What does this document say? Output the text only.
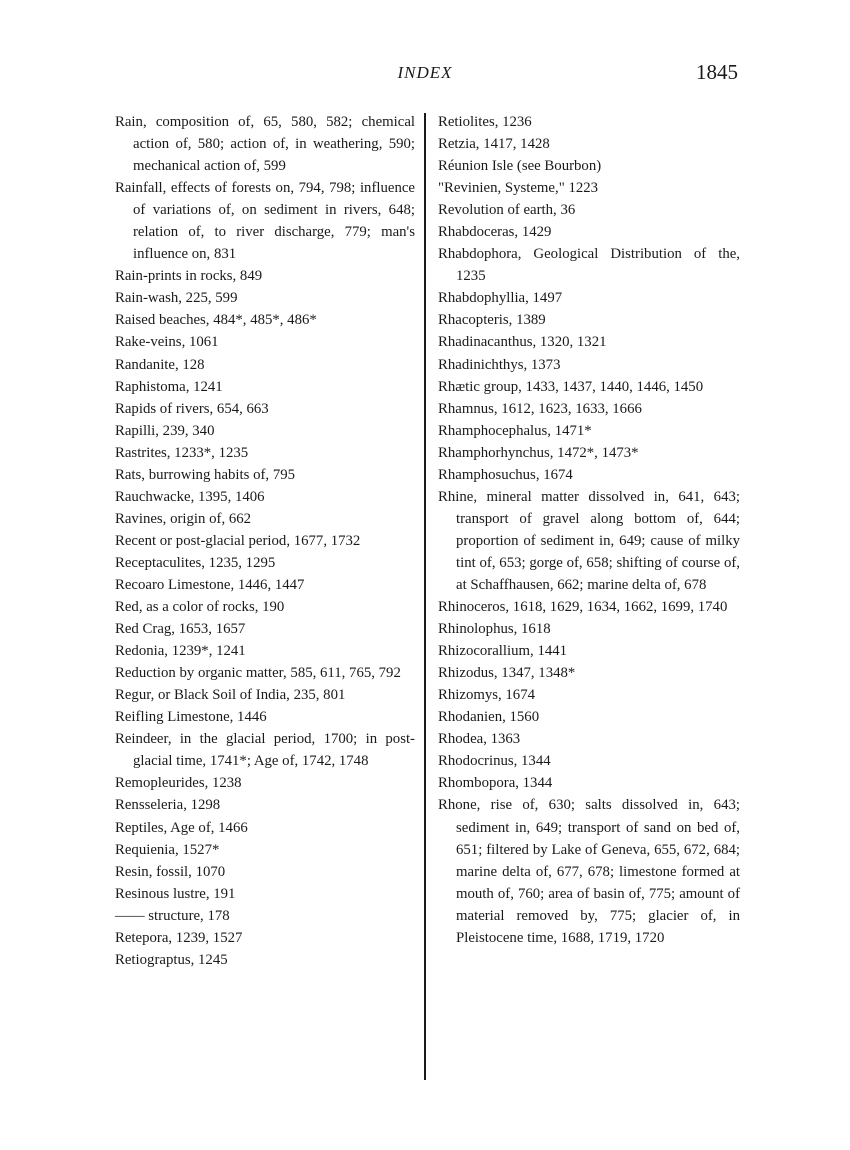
INDEX	1845
Rain, composition of, 65, 580, 582; chemical action of, 580; action of, in weathering, 590; mechanical action of, 599
Rainfall, effects of forests on, 794, 798; influence of variations of, on sediment in rivers, 648; relation of, to river discharge, 779; man's influence on, 831
Rain-prints in rocks, 849
Rain-wash, 225, 599
Raised beaches, 484*, 485*, 486*
Rake-veins, 1061
Randanite, 128
Raphistoma, 1241
Rapids of rivers, 654, 663
Rapilli, 239, 340
Rastrites, 1233*, 1235
Rats, burrowing habits of, 795
Rauchwacke, 1395, 1406
Ravines, origin of, 662
Recent or post-glacial period, 1677, 1732
Receptaculites, 1235, 1295
Recoaro Limestone, 1446, 1447
Red, as a color of rocks, 190
Red Crag, 1653, 1657
Redonia, 1239*, 1241
Reduction by organic matter, 585, 611, 765, 792
Regur, or Black Soil of India, 235, 801
Reifling Limestone, 1446
Reindeer, in the glacial period, 1700; in post-glacial time, 1741*; Age of, 1742, 1748
Remopleurides, 1238
Rensseleria, 1298
Reptiles, Age of, 1466
Requienia, 1527*
Resin, fossil, 1070
Resinous lustre, 191
—— structure, 178
Retepora, 1239, 1527
Retiograptus, 1245
Retiolites, 1236
Retzia, 1417, 1428
Réunion Isle (see Bourbon)
"Revinien, Systeme," 1223
Revolution of earth, 36
Rhabdoceras, 1429
Rhabdophora, Geological Distribution of the, 1235
Rhabdophyllia, 1497
Rhacopteris, 1389
Rhadinacanthus, 1320, 1321
Rhadinichthys, 1373
Rhætic group, 1433, 1437, 1440, 1446, 1450
Rhamnus, 1612, 1623, 1633, 1666
Rhamphocephalus, 1471*
Rhamphorhynchus, 1472*, 1473*
Rhamphosuchus, 1674
Rhine, mineral matter dissolved in, 641, 643; transport of gravel along bottom of, 644; proportion of sediment in, 649; cause of milky tint of, 653; gorge of, 658; shifting of course of, at Schaffhausen, 662; marine delta of, 678
Rhinoceros, 1618, 1629, 1634, 1662, 1699, 1740
Rhinolophus, 1618
Rhizocorallium, 1441
Rhizodus, 1347, 1348*
Rhizomys, 1674
Rhodanien, 1560
Rhodea, 1363
Rhodocrinus, 1344
Rhombopora, 1344
Rhone, rise of, 630; salts dissolved in, 643; sediment in, 649; transport of sand on bed of, 651; filtered by Lake of Geneva, 655, 672, 684; marine delta of, 677, 678; limestone formed at mouth of, 760; area of basin of, 775; amount of material removed by, 775; glacier of, in Pleistocene time, 1688, 1719, 1720
